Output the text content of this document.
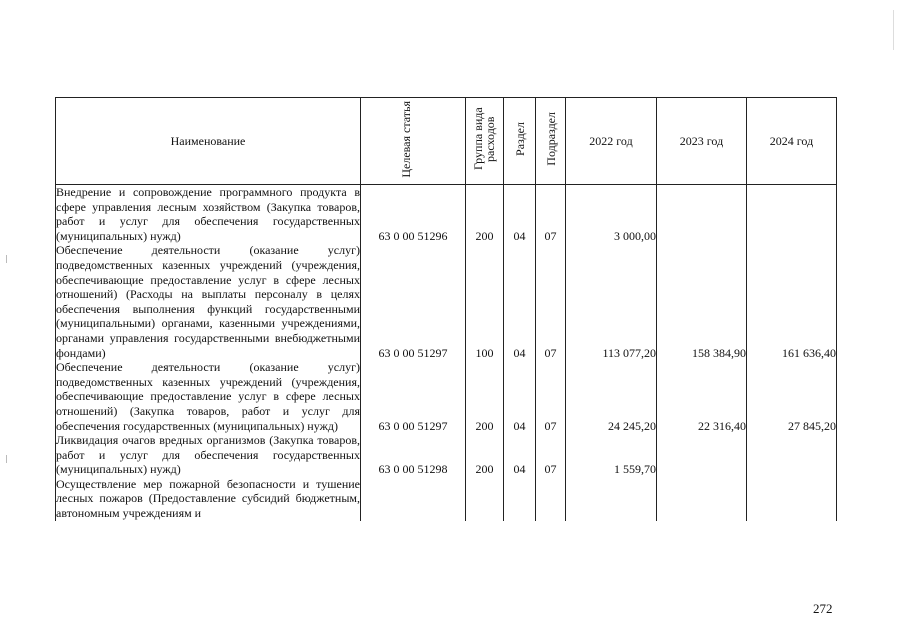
Наименование	Целевая статья	Группа вида расходов	Раздел	Подраздел	2022 год	2023 год	2024 год
Внедрение и сопровождение программного продукта в сфере управления лесным хозяйством (Закупка товаров, работ и услуг для обеспечения государственных (муниципальных) нужд)	63 0 00 51296	200	04	07	3 000,00		
Обеспечение деятельности (оказание услуг) подведомственных казенных учреждений (учреждения, обеспечивающие предоставление услуг в сфере лесных отношений) (Расходы на выплаты персоналу в целях обеспечения выполнения функций государственными (муниципальными) органами, казенными учреждениями, органами управления государственными внебюджетными фондами)	63 0 00 51297	100	04	07	113 077,20	158 384,90	161 636,40
Обеспечение деятельности (оказание услуг) подведомственных казенных учреждений (учреждения, обеспечивающие предоставление услуг в сфере лесных отношений) (Закупка товаров, работ и услуг для обеспечения государственных (муниципальных) нужд)	63 0 00 51297	200	04	07	24 245,20	22 316,40	27 845,20
Ликвидация очагов вредных организмов (Закупка товаров, работ и услуг для обеспечения государственных (муниципальных) нужд)	63 0 00 51298	200	04	07	1 559,70		
Осуществление мер пожарной безопасности и тушение лесных пожаров (Предоставление субсидий бюджетным, автономным учреждениям и							
272
